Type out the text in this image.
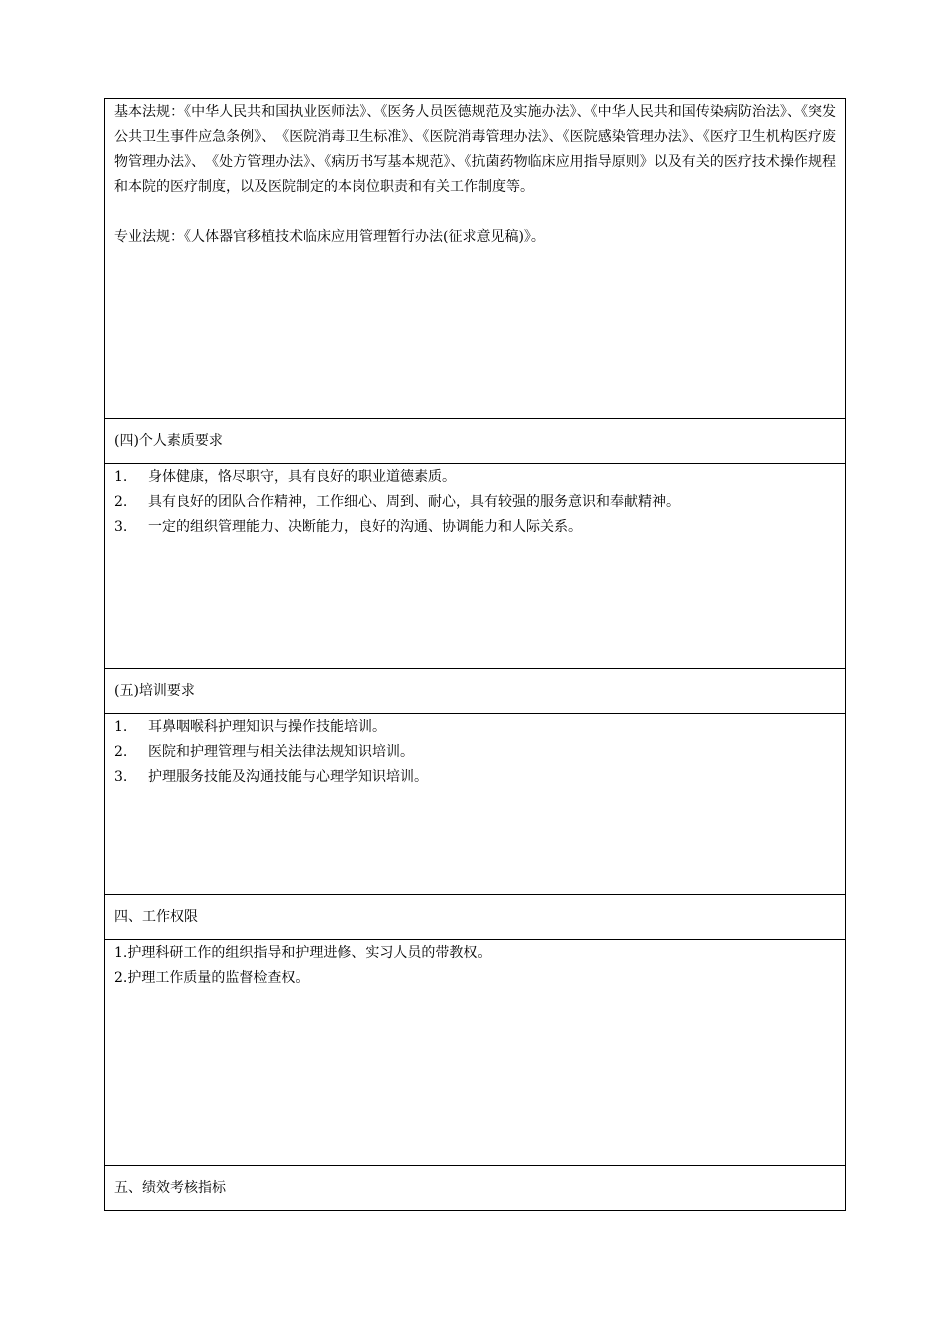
基本法规：《中华人民共和国执业医师法》、《医务人员医德规范及实施办法》、《中华人民共和国传染病防治法》、《突发公共卫生事件应急条例》、　《医院消毒卫生标准》、《医院消毒管理办法》、《医院感染管理办法》、《医疗卫生机构医疗废物管理办法》、　《处方管理办法》、《病历书写基本规范》、《抗菌药物临床应用指导原则》以及有关的医疗技术操作规程和本院的医疗制度，以及医院制定的本岗位职责和有关工作制度等。

专业法规：《人体器官移植技术临床应用管理暂行办法(征求意见稿)》。

(四)个人素质要求
1.	身体健康，恪尽职守，具有良好的职业道德素质。
2.	具有良好的团队合作精神，工作细心、周到、耐心，具有较强的服务意识和奉献精神。
3.	一定的组织管理能力、决断能力，良好的沟通、协调能力和人际关系。
(五)培训要求
1.	耳鼻咽喉科护理知识与操作技能培训。
2.	医院和护理管理与相关法律法规知识培训。
3.	护理服务技能及沟通技能与心理学知识培训。
四、工作权限

1.护理科研工作的组织指导和护理进修、实习人员的带教权。

2.护理工作质量的监督检查权。

五、绩效考核指标
